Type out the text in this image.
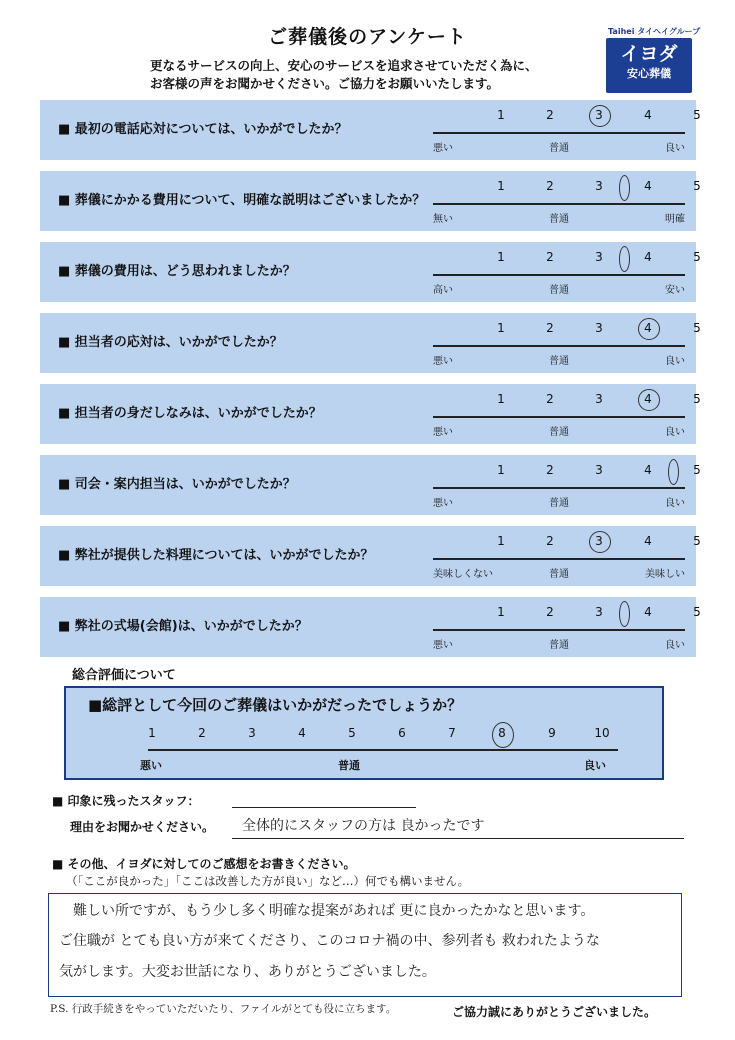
ご葬儀後のアンケート
更なるサービスの向上、安心のサービスを追求させていただく為に、
お客様の声をお聞かせください。ご協力をお願いいたします。
Taihei タイヘイグループ
イヨダ
安心葬儀
■ 最初の電話応対については、いかがでしたか？
1	2	3	4	5
悪い	普通	良い
■ 葬儀にかかる費用について、明確な説明はございましたか？
1	2	3	4	5
無い	普通	明確
■ 葬儀の費用は、どう思われましたか？
1	2	3	4	5
高い	普通	安い
■ 担当者の応対は、いかがでしたか？
1	2	3	4	5
悪い	普通	良い
■ 担当者の身だしなみは、いかがでしたか？
1	2	3	4	5
悪い	普通	良い
■ 司会・案内担当は、いかがでしたか？
1	2	3	4	5
悪い	普通	良い
■ 弊社が提供した料理については、いかがでしたか？
1	2	3	4	5
美味しくない	普通	美味しい
■ 弊社の式場(会館)は、いかがでしたか？
1	2	3	4	5
悪い	普通	良い
総合評価について
■総評として今回のご葬儀はいかがだったでしょうか？
1	2	3	4	5	6	7	8	9	10
悪い	普通	良い
■ 印象に残ったスタッフ：
理由をお聞かせください。 全体的にスタッフの方は 良かったです
■ その他、イヨダに対してのご感想をお書きください。
（「ここが良かった」「ここは改善した方が良い」など…）何でも構いません。
難しい所ですが、もう少し多く明確な提案があれば 更に良かったかなと思います。
ご住職が とても良い方が来てくださり、このコロナ禍の中、参列者も 救われたような
気がします。大変お世話になり、ありがとうございました。
P.S. 行政手続きをやっていただいたり、ファイルがとても役に立ちます。	ご協力誠にありがとうございました。
